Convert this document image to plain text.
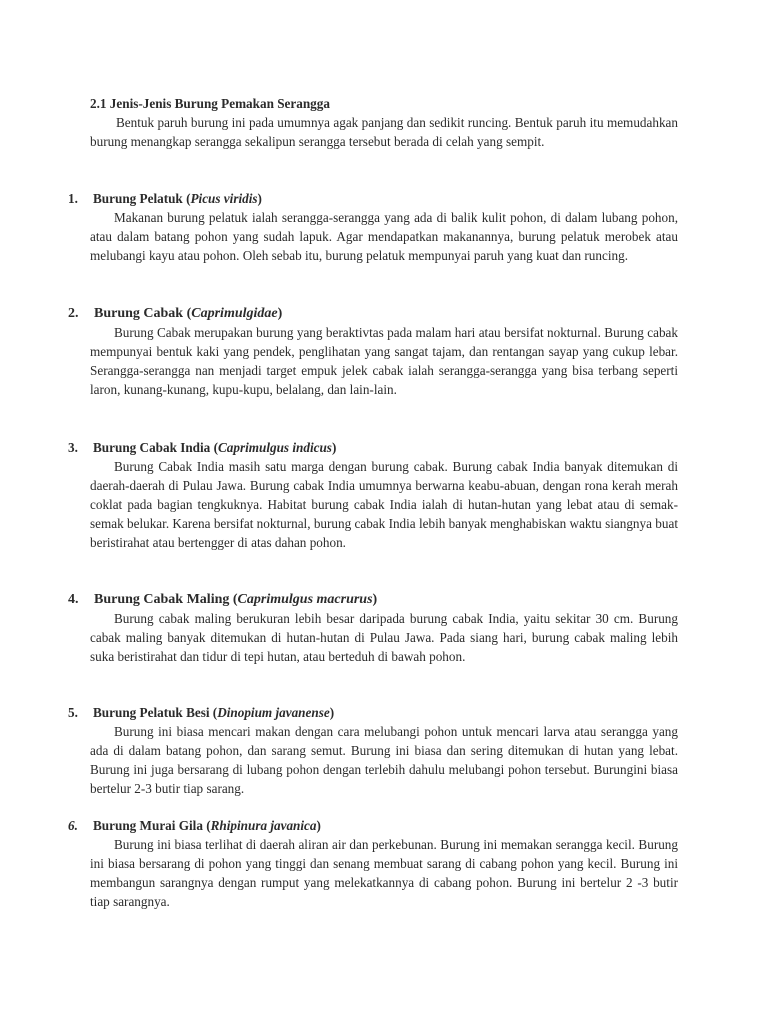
2.1 Jenis-Jenis Burung Pemakan Serangga

Bentuk paruh burung ini pada umumnya agak panjang dan sedikit runcing. Bentuk paruh itu memudahkan burung menangkap serangga sekalipun serangga tersebut berada di celah yang sempit.

1. Burung Pelatuk (Picus viridis)

Makanan burung pelatuk ialah serangga-serangga yang ada di balik kulit pohon, di dalam lubang pohon, atau dalam batang pohon yang sudah lapuk. Agar mendapatkan makanannya, burung pelatuk merobek atau melubangi kayu atau pohon. Oleh sebab itu, burung pelatuk mempunyai paruh yang kuat dan runcing.

2. Burung Cabak (Caprimulgidae)

Burung Cabak merupakan burung yang beraktivtas pada malam hari atau bersifat nokturnal. Burung cabak mempunyai bentuk kaki yang pendek, penglihatan yang sangat tajam, dan rentangan sayap yang cukup lebar. Serangga-serangga nan menjadi target empuk jelek cabak ialah serangga-serangga yang bisa terbang seperti laron, kunang-kunang, kupu-kupu, belalang, dan lain-lain.

3. Burung Cabak India (Caprimulgus indicus)

Burung Cabak India masih satu marga dengan burung cabak. Burung cabak India banyak ditemukan di daerah-daerah di Pulau Jawa. Burung cabak India umumnya berwarna keabu-abuan, dengan rona kerah merah coklat pada bagian tengkuknya. Habitat burung cabak India ialah di hutan-hutan yang lebat atau di semak-semak belukar. Karena bersifat nokturnal, burung cabak India lebih banyak menghabiskan waktu siangnya buat beristirahat atau bertengger di atas dahan pohon.

4. Burung Cabak Maling (Caprimulgus macrurus)

Burung cabak maling berukuran lebih besar daripada burung cabak India, yaitu sekitar 30 cm. Burung cabak maling banyak ditemukan di hutan-hutan di Pulau Jawa. Pada siang hari, burung cabak maling lebih suka beristirahat dan tidur di tepi hutan, atau berteduh di bawah pohon.

5. Burung Pelatuk Besi (Dinopium javanense)

Burung ini biasa mencari makan dengan cara melubangi pohon untuk mencari larva atau serangga yang ada di dalam batang pohon, dan sarang semut. Burung ini biasa dan sering ditemukan di hutan yang lebat. Burung ini juga bersarang di lubang pohon dengan terlebih dahulu melubangi pohon tersebut. Burungini biasa bertelur 2-3 butir tiap sarang.

6. Burung Murai Gila (Rhipinura javanica)

Burung ini biasa terlihat di daerah aliran air dan perkebunan. Burung ini memakan serangga kecil. Burung ini biasa bersarang di pohon yang tinggi dan senang membuat sarang di cabang pohon yang kecil. Burung ini membangun sarangnya dengan rumput yang melekatkannya di cabang pohon. Burung ini bertelur 2 -3 butir tiap sarangnya.
